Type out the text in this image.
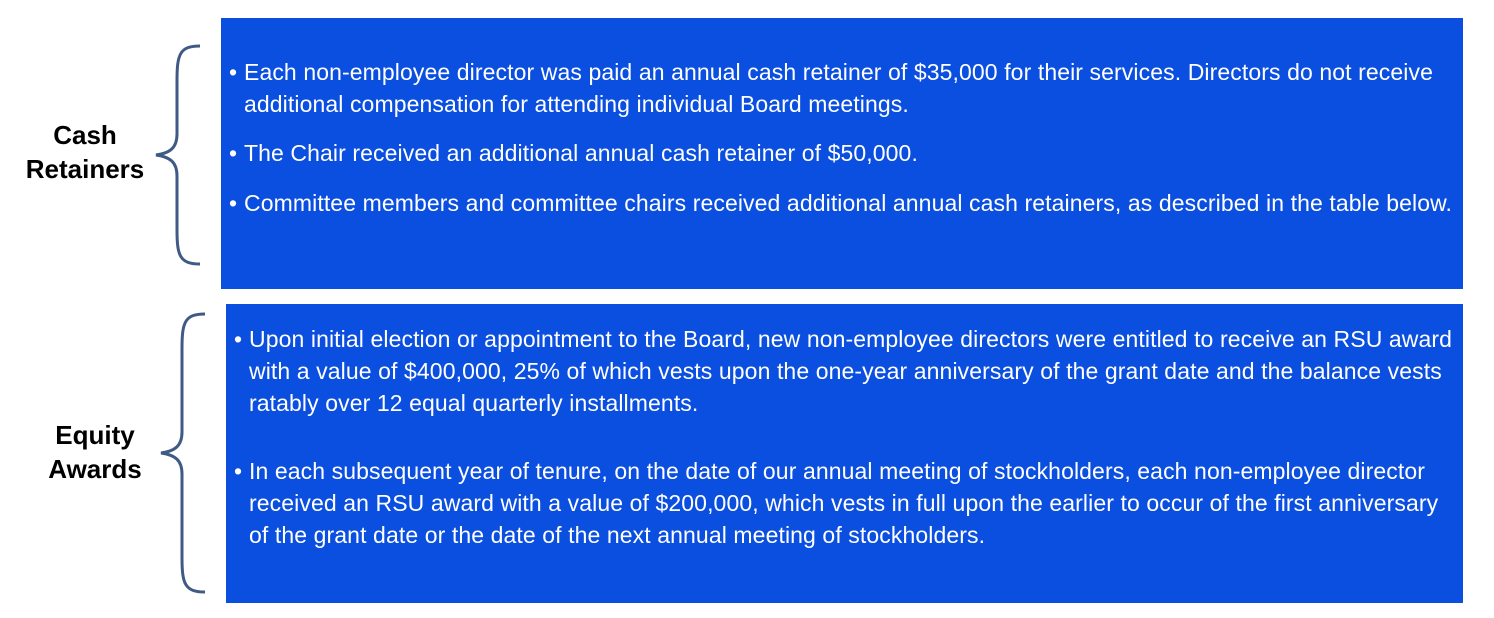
Cash
Retainers
• Each non-employee director was paid an annual cash retainer of $35,000 for their services. Directors do not receive additional compensation for attending individual Board meetings.
• The Chair received an additional annual cash retainer of $50,000.
• Committee members and committee chairs received additional annual cash retainers, as described in the table below.
Equity
Awards
• Upon initial election or appointment to the Board, new non-employee directors were entitled to receive an RSU award with a value of $400,000, 25% of which vests upon the one-year anniversary of the grant date and the balance vests ratably over 12 equal quarterly installments.
• In each subsequent year of tenure, on the date of our annual meeting of stockholders, each non-employee director received an RSU award with a value of $200,000, which vests in full upon the earlier to occur of the first anniversary of the grant date or the date of the next annual meeting of stockholders.
